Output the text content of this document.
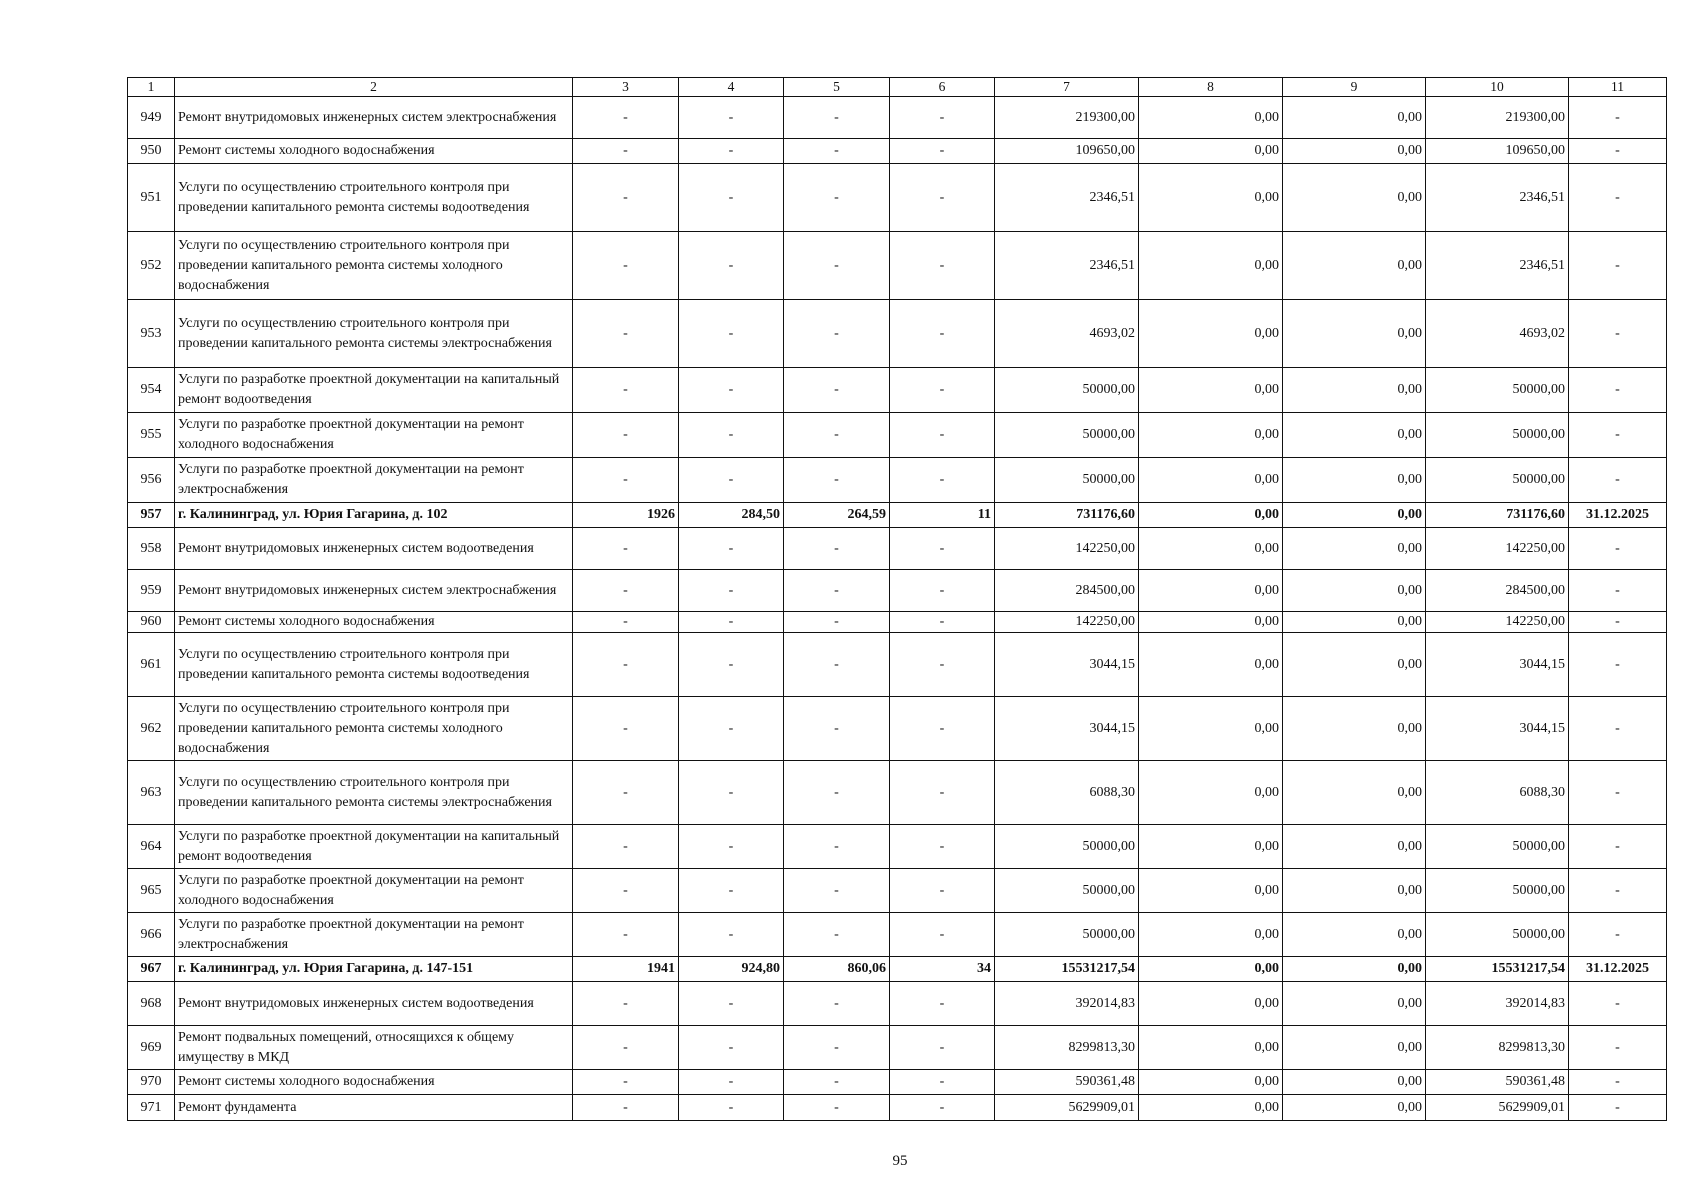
1	2	3	4	5	6	7	8	9	10	11
949	Ремонт внутридомовых инженерных систем электроснабжения	-	-	-	-	219300,00	0,00	0,00	219300,00	-
950	Ремонт системы холодного водоснабжения	-	-	-	-	109650,00	0,00	0,00	109650,00	-
951	Услуги по осуществлению строительного контроля при проведении капитального ремонта системы водоотведения	-	-	-	-	2346,51	0,00	0,00	2346,51	-
952	Услуги по осуществлению строительного контроля при проведении капитального ремонта системы холодного водоснабжения	-	-	-	-	2346,51	0,00	0,00	2346,51	-
953	Услуги по осуществлению строительного контроля при проведении капитального ремонта системы электроснабжения	-	-	-	-	4693,02	0,00	0,00	4693,02	-
954	Услуги по разработке проектной документации на капитальный ремонт водоотведения	-	-	-	-	50000,00	0,00	0,00	50000,00	-
955	Услуги по разработке проектной документации на ремонт холодного водоснабжения	-	-	-	-	50000,00	0,00	0,00	50000,00	-
956	Услуги по разработке проектной документации на ремонт электроснабжения	-	-	-	-	50000,00	0,00	0,00	50000,00	-
957	г. Калининград, ул. Юрия Гагарина, д. 102	1926	284,50	264,59	11	731176,60	0,00	0,00	731176,60	31.12.2025
958	Ремонт внутридомовых инженерных систем водоотведения	-	-	-	-	142250,00	0,00	0,00	142250,00	-
959	Ремонт внутридомовых инженерных систем электроснабжения	-	-	-	-	284500,00	0,00	0,00	284500,00	-
960	Ремонт системы холодного водоснабжения	-	-	-	-	142250,00	0,00	0,00	142250,00	-
961	Услуги по осуществлению строительного контроля при проведении капитального ремонта системы водоотведения	-	-	-	-	3044,15	0,00	0,00	3044,15	-
962	Услуги по осуществлению строительного контроля при проведении капитального ремонта системы холодного водоснабжения	-	-	-	-	3044,15	0,00	0,00	3044,15	-
963	Услуги по осуществлению строительного контроля при проведении капитального ремонта системы электроснабжения	-	-	-	-	6088,30	0,00	0,00	6088,30	-
964	Услуги по разработке проектной документации на капитальный ремонт водоотведения	-	-	-	-	50000,00	0,00	0,00	50000,00	-
965	Услуги по разработке проектной документации на ремонт холодного водоснабжения	-	-	-	-	50000,00	0,00	0,00	50000,00	-
966	Услуги по разработке проектной документации на ремонт электроснабжения	-	-	-	-	50000,00	0,00	0,00	50000,00	-
967	г. Калининград, ул. Юрия Гагарина, д. 147-151	1941	924,80	860,06	34	15531217,54	0,00	0,00	15531217,54	31.12.2025
968	Ремонт внутридомовых инженерных систем водоотведения	-	-	-	-	392014,83	0,00	0,00	392014,83	-
969	Ремонт подвальных помещений, относящихся к общему имуществу в МКД	-	-	-	-	8299813,30	0,00	0,00	8299813,30	-
970	Ремонт системы холодного водоснабжения	-	-	-	-	590361,48	0,00	0,00	590361,48	-
971	Ремонт фундамента	-	-	-	-	5629909,01	0,00	0,00	5629909,01	-
95
